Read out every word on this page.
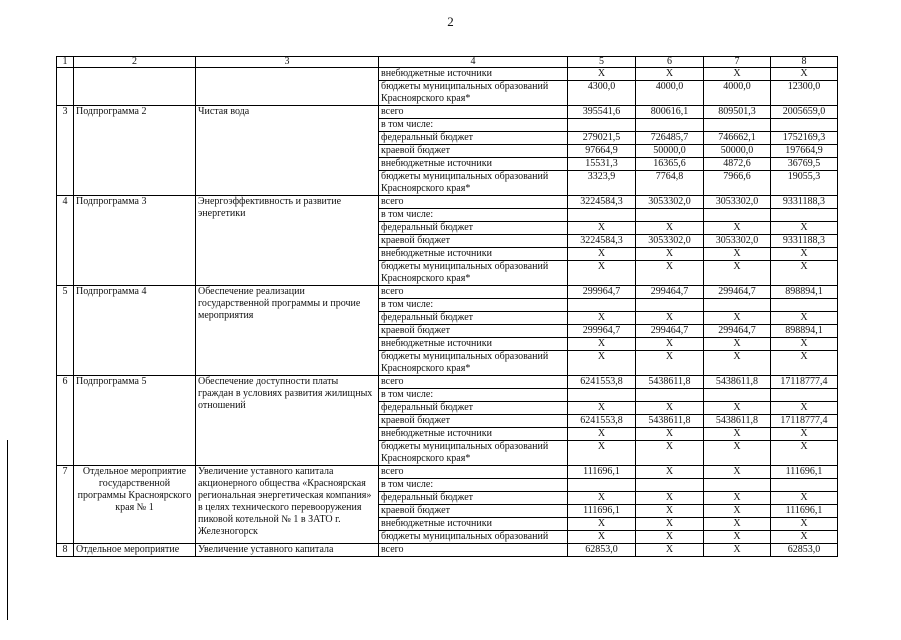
2
1	2	3	4	5	6	7	8
			внебюджетные источники	X	X	X	X
			бюджеты муниципальных образований Красноярского края*	4300,0	4000,0	4000,0	12300,0
3	Подпрограмма 2	Чистая вода	всего	395541,6	800616,1	809501,3	2005659,0
			в том числе:				
			федеральный бюджет	279021,5	726485,7	746662,1	1752169,3
			краевой бюджет	97664,9	50000,0	50000,0	197664,9
			внебюджетные источники	15531,3	16365,6	4872,6	36769,5
			бюджеты муниципальных образований Красноярского края*	3323,9	7764,8	7966,6	19055,3
4	Подпрограмма 3	Энергоэффективность и развитие энергетики	всего	3224584,3	3053302,0	3053302,0	9331188,3
			в том числе:				
			федеральный бюджет	X	X	X	X
			краевой бюджет	3224584,3	3053302,0	3053302,0	9331188,3
			внебюджетные источники	X	X	X	X
			бюджеты муниципальных образований Красноярского края*	X	X	X	X
5	Подпрограмма 4	Обеспечение реализации государственной программы и прочие мероприятия	всего	299964,7	299464,7	299464,7	898894,1
			в том числе:				
			федеральный бюджет	X	X	X	X
			краевой бюджет	299964,7	299464,7	299464,7	898894,1
			внебюджетные источники	X	X	X	X
			бюджеты муниципальных образований Красноярского края*	X	X	X	X
6	Подпрограмма 5	Обеспечение доступности платы граждан в условиях развития жилищных отношений	всего	6241553,8	5438611,8	5438611,8	17118777,4
			в том числе:				
			федеральный бюджет	X	X	X	X
			краевой бюджет	6241553,8	5438611,8	5438611,8	17118777,4
			внебюджетные источники	X	X	X	X
			бюджеты муниципальных образований Красноярского края*	X	X	X	X
7	Отдельное мероприятие государственной программы Красноярского края № 1	Увеличение уставного капитала акционерного общества «Красноярская региональная энергетическая компания» в целях технического перевооружения пиковой котельной № 1 в ЗАТО г. Железногорск	всего	111696,1	X	X	111696,1
			в том числе:				
			федеральный бюджет	X	X	X	X
			краевой бюджет	111696,1	X	X	111696,1
			внебюджетные источники	X	X	X	X
			бюджеты муниципальных образований	X	X	X	X
8	Отдельное мероприятие	Увеличение уставного капитала	всего	62853,0	X	X	62853,0
